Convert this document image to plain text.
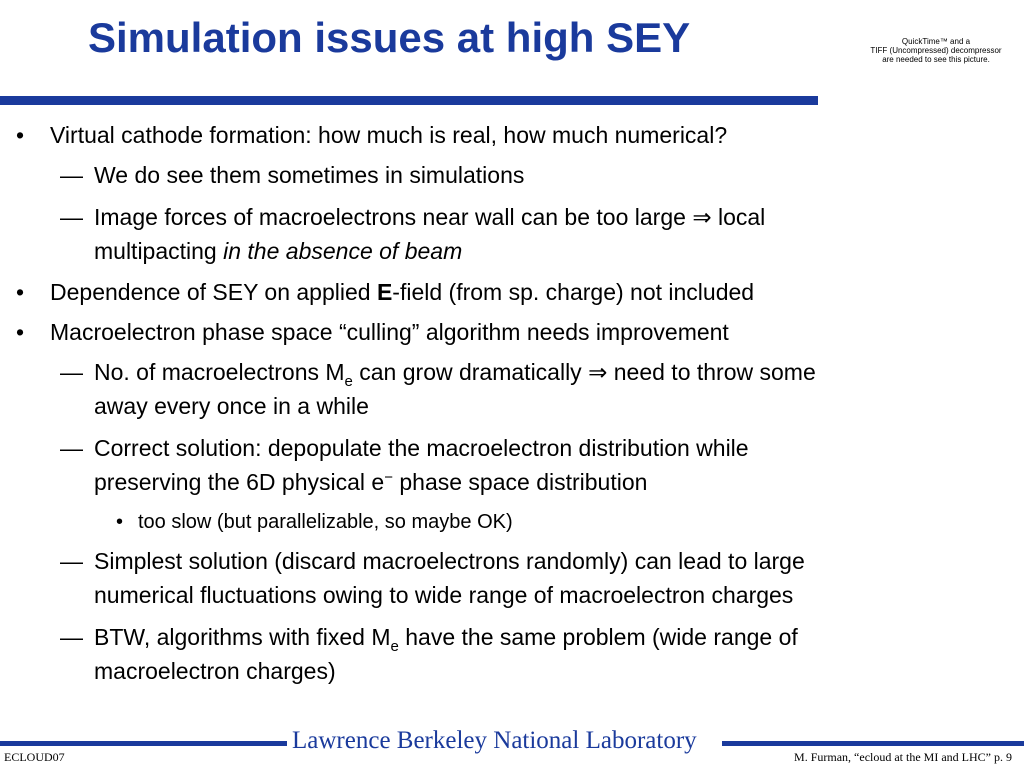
Simulation issues at high SEY	QuickTime™ and a
TIFF (Uncompressed) decompressor
are needed to see this picture.
• Virtual cathode formation: how much is real, how much numerical?
— We do see them sometimes in simulations
— Image forces of macroelectrons near wall can be too large ⇒ local
multipacting in the absence of beam
• Dependence of SEY on applied E-field (from sp. charge) not included
• Macroelectron phase space “culling” algorithm needs improvement
— No. of macroelectrons $M_e$ can grow dramatically ⇒ need to throw some
away every once in a while
— Correct solution: depopulate the macroelectron distribution while
preserving the 6D physical e− phase space distribution
• too slow (but parallelizable, so maybe OK)
— Simplest solution (discard macroelectrons randomly) can lead to large
numerical fluctuations owing to wide range of macroelectron charges
— BTW, algorithms with fixed $M_e$ have the same problem (wide range of
macroelectron charges)
Lawrence Berkeley National Laboratory
ECLOUD07	M. Furman, “ecloud at the MI and LHC” p. 9
